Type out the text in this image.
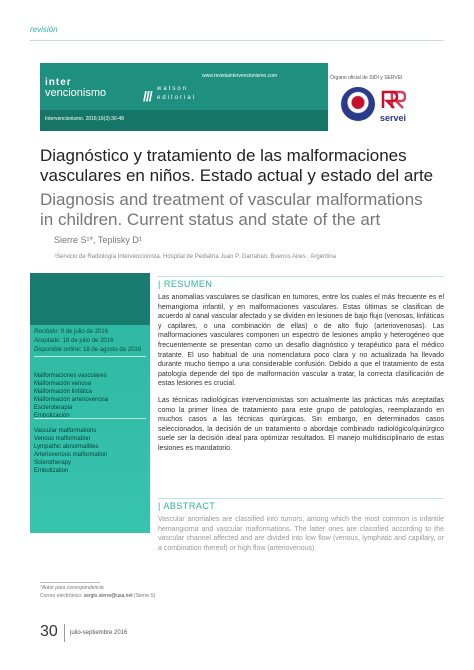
revisión
inter
vencionismo	/// watson
editorial
www.revistaintervencionismo.com
Intervencionismo. 2016;16(3):30-48
Órgano oficial de SIDI y SERVEI
servei
Diagnóstico y tratamiento de las malformaciones vasculares en niños. Estado actual y estado del arte
Diagnosis and treatment of vascular malformations in children. Current status and state of the art
Sierre S¹*, Teplisky D¹
¹Servicio de Radiología Intervencionista. Hospital de Pediatría Juan P. Garrahan. Buenos Aires . Argentina
Recibido: 9 de julio de 2016
Aceptado: 18 de julio de 2016
Disponible online: 18 de agosto de 2016
Malformaciones vasculares
Malformación venosa
Malformación linfática
Malformación arteriovenosa
Escleroterapia
Embolización
Vascular malformations
Venous malformation
Lympathic abnormalities
Arteriovenous malformation
Sclerotherapy
Embolization
| RESUMEN
Las anomalías vasculares se clasifican en tumores, entre los cuales el más frecuente es el hemangioma infantil, y en malformaciones vasculares. Estas últimas se clasifican de acuerdo al canal vascular afectado y se dividen en lesiones de bajo flujo (venosas, linfáticas y capilares, o una combinación de ellas) o de alto flujo (arteriovenosas). Las malformaciones vasculares componen un espectro de lesiones amplio y heterogéneo que frecuentemente se presentan como un desafío diagnóstico y terapéutico para el médico tratante. El uso habitual de una nomenclatura poco clara y no actualizada ha llevado durante mucho tiempo a una considerable confusión. Debido a que el tratamiento de esta patología depende del tipo de malformación vascular a tratar, la correcta clasificación de estas lesiones es crucial.
Las técnicas radiológicas intervencionistas son actualmente las prácticas más aceptadas como la primer línea de tratamiento para este grupo de patologías, reemplazando en muchos casos a las técnicas quirúrgicas. Sin embargo, en determinados casos seleccionados, la decisión de un tratamiento o abordaje combinado radiológico/quirúrgico suele ser la decisión ideal para optimizar resultados. El manejo multidisciplinario de estas lesiones es mandatorio.
| ABSTRACT
Vascular anomalies are classified into tumors, among which the most common is infantile hemangioma and vascular malformations. The latter ones are classified according to the vascular channel affected and are divided into low flow (venous, lymphatic and capillary, or a combination thereof) or high flow (arteriovenous).
*Autor para correspondencia
Correo electrónico: sergio.sierre@usa.net (Sierre S)
30 julio-septiembre 2016
